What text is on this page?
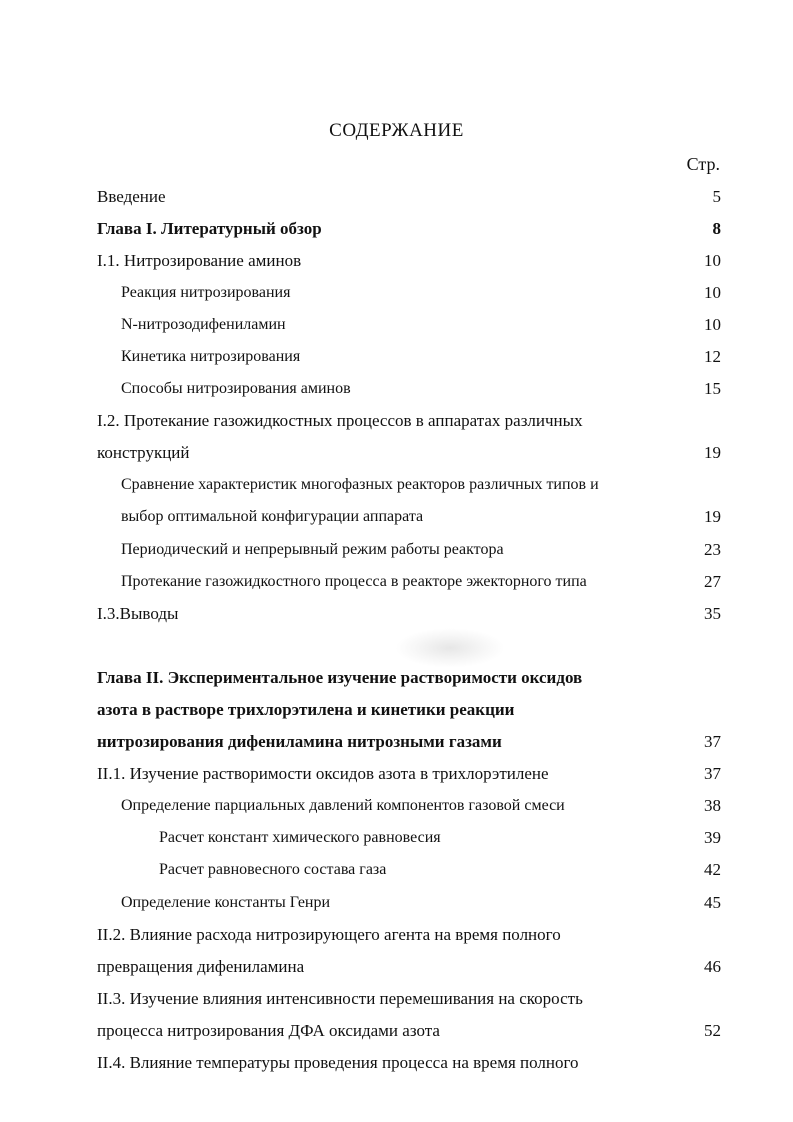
СОДЕРЖАНИЕ
Стр.
Введение	5
Глава I. Литературный обзор	8
I.1. Нитрозирование аминов	10
Реакция нитрозирования	10
N-нитрозодифениламин	10
Кинетика нитрозирования	12
Способы нитрозирования аминов	15
I.2. Протекание газожидкостных процессов в аппаратах различных
конструкций	19
Сравнение характеристик многофазных реакторов различных типов и
выбор оптимальной конфигурации аппарата	19
Периодический и непрерывный режим работы реактора	23
Протекание газожидкостного процесса в реакторе эжекторного типа	27
I.3.Выводы	35
Глава II. Экспериментальное изучение растворимости оксидов
азота в растворе трихлорэтилена и кинетики реакции
нитрозирования дифениламина нитрозными газами	37
II.1. Изучение растворимости оксидов азота в трихлорэтилене	37
Определение парциальных давлений компонентов газовой смеси	38
Расчет констант химического равновесия	39
Расчет равновесного состава газа	42
Определение константы Генри	45
II.2. Влияние расхода нитрозирующего агента на время полного
превращения дифениламина	46
II.3. Изучение влияния интенсивности перемешивания на скорость
процесса нитрозирования ДФА оксидами азота	52
II.4. Влияние температуры проведения процесса на время полного
